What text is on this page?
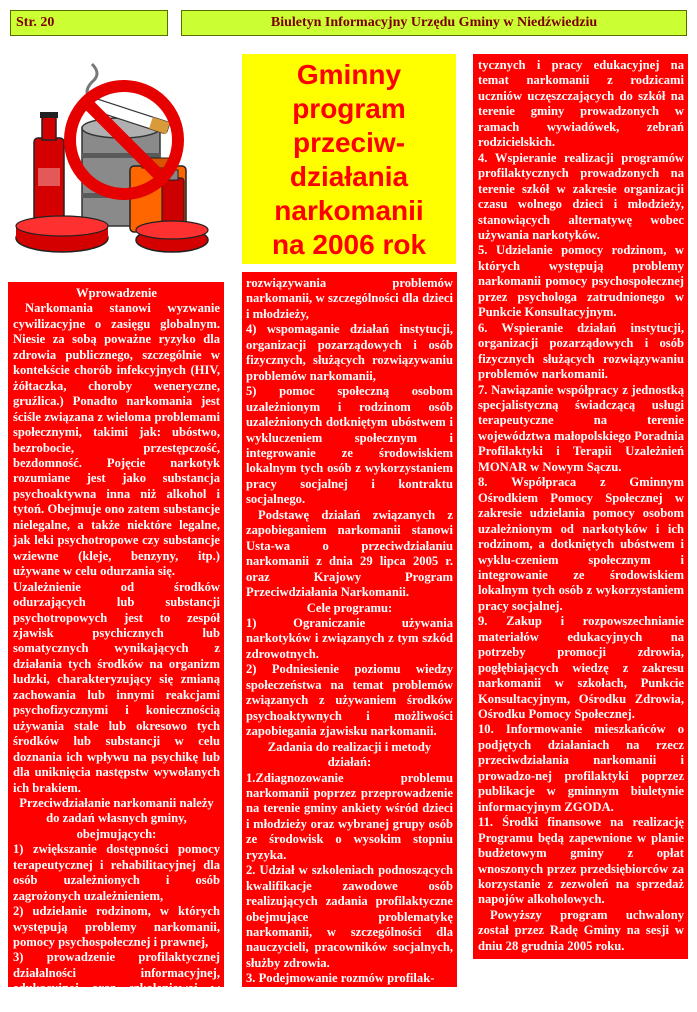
Str. 20	Biuletyn Informacyjny Urzędu Gminy w Niedźwiedziu
Gminny
program
przeciw-
działania
narkomanii
na 2006 rok

Wprowadzenie

Narkomania stanowi wyzwanie cywilizacyjne o zasięgu globalnym. Niesie za sobą poważne ryzyko dla zdrowia publicznego, szczególnie w kontekście chorób infekcyjnych (HIV, żółtaczka, choroby weneryczne, gruźlica.) Ponadto narkomania jest ściśle związana z wieloma problemami społecznymi, takimi jak: ubóstwo, bezrobocie, przestępczość, bezdomność. Pojęcie narkotyk rozumiane jest jako substancja psychoaktywna inna niż alkohol i tytoń. Obejmuje ono zatem substancje nielegalne, a także niektóre legalne, jak leki psychotropowe czy substancje wziewne (kleje, benzyny, itp.) używane w celu odurzania się.

Uzależnienie od środków odurzających lub substancji psychotropowych jest to zespół zjawisk psychicznych lub somatycznych wynikających z działania tych środków na organizm ludzki, charakteryzujący się zmianą zachowania lub innymi reakcjami psychofizycznymi i koniecznością używania stale lub okresowo tych środków lub substancji w celu doznania ich wpływu na psychikę lub dla uniknięcia następstw wywołanych ich brakiem.

Przeciwdziałanie narkomanii należy do zadań własnych gminy, obejmujących:

1) zwiększanie dostępności pomocy terapeutycznej i rehabilitacyjnej dla osób uzależnionych i osób zagrożonych uzależnieniem,

2) udzielanie rodzinom, w których występują problemy narkomanii, pomocy psychospołecznej i prawnej,

3) prowadzenie profilaktycznej działalności informacyjnej, edukacyjnej oraz szkoleniowej w zakresie

rozwiązywania problemów narkomanii, w szczególności dla dzieci i młodzieży,

4) wspomaganie działań instytucji, organizacji pozarządowych i osób fizycznych, służących rozwiązywaniu problemów narkomanii,

5) pomoc społeczną osobom uzależnionym i rodzinom osób uzależnionych dotkniętym ubóstwem i wykluczeniem społecznym i integrowanie ze środowiskiem lokalnym tych osób z wykorzystaniem pracy socjalnej i kontraktu socjalnego.

Podstawę działań związanych z zapobieganiem narkomanii stanowi Usta-wa o przeciwdziałaniu narkomanii z dnia 29 lipca 2005 r. oraz Krajowy Program Przeciwdziałania Narkomanii.

Cele programu:

1) Ograniczanie używania narkotyków i związanych z tym szkód zdrowotnych.

2) Podniesienie poziomu wiedzy społeczeństwa na temat problemów związanych z używaniem środków psychoaktywnych i możliwości zapobiegania zjawisku narkomanii.

Zadania do realizacji i metody działań:

1.Zdiagnozowanie problemu narkomanii poprzez przeprowadzenie na terenie gminy ankiety wśród dzieci i młodzieży oraz wybranej grupy osób ze środowisk o wysokim stopniu ryzyka.

2. Udział w szkoleniach podnoszących kwalifikacje zawodowe osób realizujących zadania profilaktyczne obejmujące problematykę narkomanii, w szczególności dla nauczycieli, pracowników socjalnych, służby zdrowia.

3. Podejmowanie rozmów profilak-

tycznych i pracy edukacyjnej na temat narkomanii z rodzicami uczniów uczęszczających do szkół na terenie gminy prowadzonych w ramach wywiadówek, zebrań rodzicielskich.

4. Wspieranie realizacji programów profilaktycznych prowadzonych na terenie szkół w zakresie organizacji czasu wolnego dzieci i młodzieży, stanowiących alternatywę wobec używania narkotyków.

5. Udzielanie pomocy rodzinom, w których występują problemy narkomanii pomocy psychospołecznej przez psychologa zatrudnionego w Punkcie Konsultacyjnym.

6. Wspieranie działań instytucji, organizacji pozarządowych i osób fizycznych służących rozwiązywaniu problemów narkomanii.

7. Nawiązanie współpracy z jednostką specjalistyczną świadczącą usługi terapeutyczne na terenie województwa małopolskiego Poradnia Profilaktyki i Terapii Uzależnień MONAR w Nowym Sączu.

8. Współpraca z Gminnym Ośrodkiem Pomocy Społecznej w zakresie udzielania pomocy osobom uzależnionym od narkotyków i ich rodzinom, a dotkniętych ubóstwem i wyklu-czeniem społecznym i integrowanie ze środowiskiem lokalnym tych osób z wykorzystaniem pracy socjalnej.

9. Zakup i rozpowszechnianie materiałów edukacyjnych na potrzeby promocji zdrowia, pogłębiających wiedzę z zakresu narkomanii w szkołach, Punkcie Konsultacyjnym, Ośrodku Zdrowia, Ośrodku Pomocy Społecznej.

10. Informowanie mieszkańców o podjętych działaniach na rzecz przeciwdziałania narkomanii i prowadzo-nej profilaktyki poprzez publikacje w gminnym biuletynie informacyjnym ZGODA.

11. Środki finansowe na realizację Programu będą zapewnione w planie budżetowym gminy z opłat wnoszonych przez przedsiębiorców za korzystanie z zezwoleń na sprzedaż napojów alkoholowych.

Powyższy program uchwalony został przez Radę Gminy na sesji w dniu 28 grudnia 2005 roku.

@@@@@
